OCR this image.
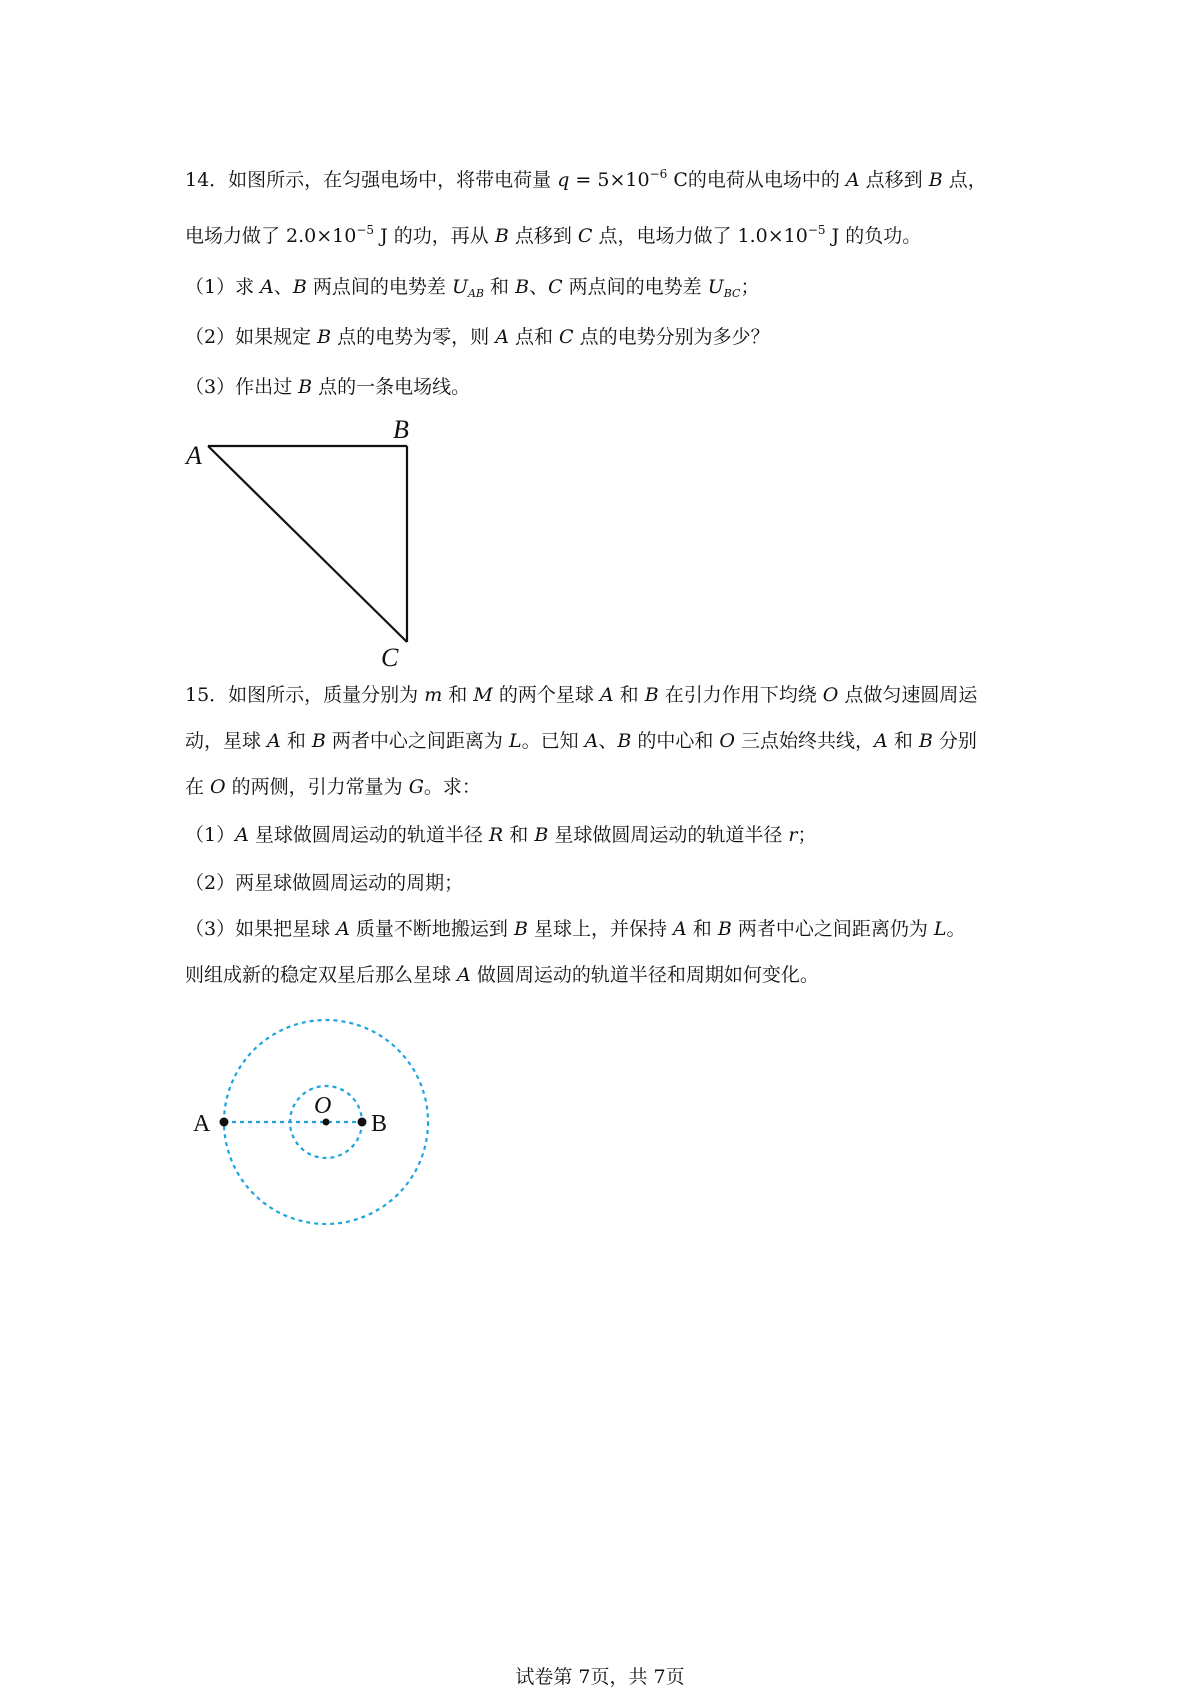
14．如图所示，在匀强电场中，将带电荷量 $q = 5\times 10^{-6}$ C的电荷从电场中的 A 点移到 B 点，
电场力做了 $2.0\times 10^{-5}$ J 的功，再从 B 点移到 C 点，电场力做了 $1.0\times 10^{-5}$ J 的负功。
（1）求 A、B 两点间的电势差 $U_{AB}$ 和 B、C 两点间的电势差 $U_{BC}$；
（2）如果规定 B 点的电势为零，则 A 点和 C 点的电势分别为多少？
（3）作出过 B 点的一条电场线。
A
B
C
15．如图所示，质量分别为 m 和 M 的两个星球 A 和 B 在引力作用下均绕 O 点做匀速圆周运
动，星球 A 和 B 两者中心之间距离为 L。已知 A、B 的中心和 O 三点始终共线，A 和 B 分别
在 O 的两侧，引力常量为 G。求：
（1）A 星球做圆周运动的轨道半径 R 和 B 星球做圆周运动的轨道半径 r；
（2）两星球做圆周运动的周期；
（3）如果把星球 A 质量不断地搬运到 B 星球上，并保持 A 和 B 两者中心之间距离仍为 L。
则组成新的稳定双星后那么星球 A 做圆周运动的轨道半径和周期如何变化。
A
O
B
试卷第 7页，共 7页
